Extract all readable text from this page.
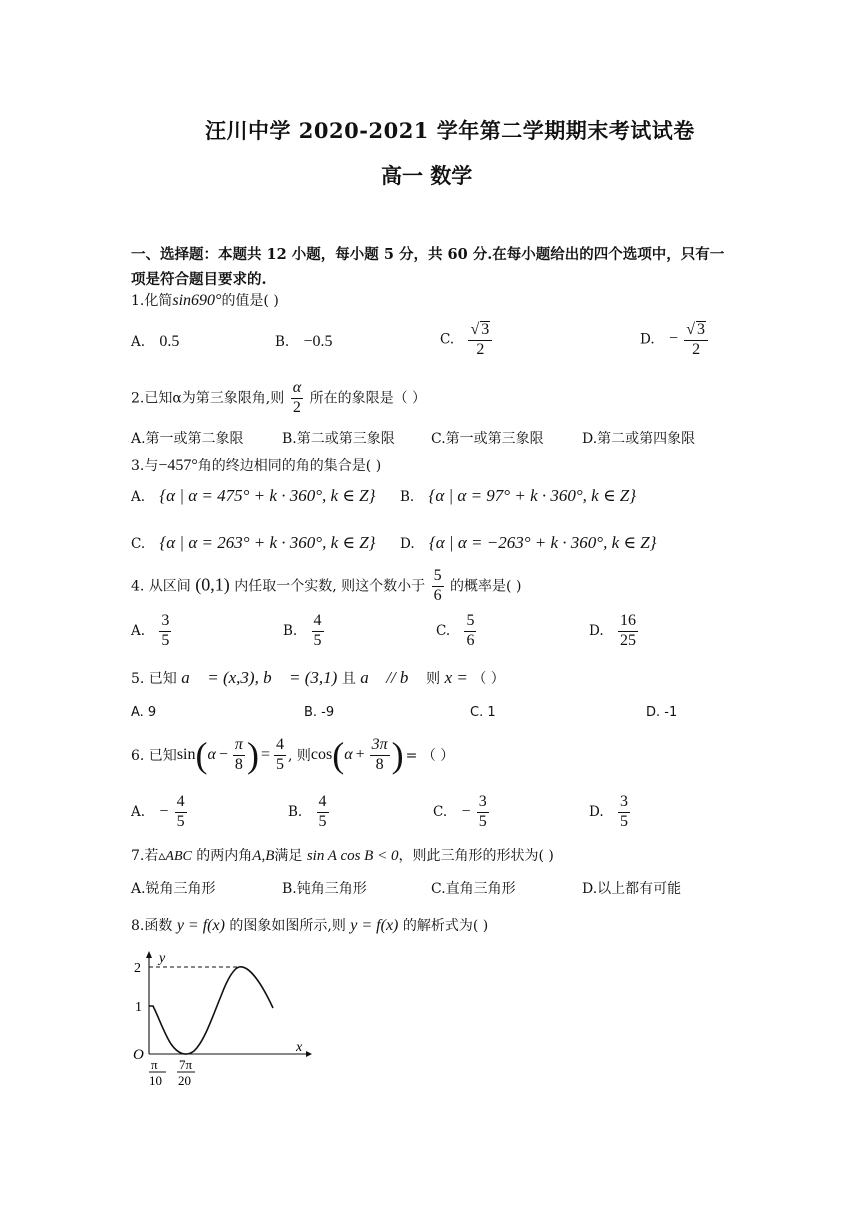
汪川中学 2020-2021 学年第二学期期末考试试卷
高一 数学
一、选择题：本题共 12 小题，每小题 5 分，共 60 分.在每小题给出的四个选项中，只有一
项是符合题目要求的.
1.化简sin690°的值是( )
A. 0.5	B. −0.5	C. $\frac{√ 3}{2}$	D. − $\frac{√ 3}{2}$
2.已知α为第三象限角,则 $\frac{\alpha}{2}$ 所在的象限是（ ）
A.第一或第二象限	B.第二或第三象限	C.第一或第三象限	D.第二或第四象限
3.与−457°角的终边相同的角的集合是( )
A. {α | α = 475° + k · 360°, k ∈ Z} B. {α | α = 97° + k · 360°, k ∈ Z}
C. {α | α = 263° + k · 360°, k ∈ Z} D. {α | α = −263° + k · 360°, k ∈ Z}
4. 从区间 (0,1) 内任取一个实数, 则这个数小于 $\frac{5}{6}$ 的概率是( )
A. $\frac{3}{5}$	B. $\frac{4}{5}$	C. $\frac{5}{6}$	D. $\frac{16}{25}$
5. 已知 a⃗ = (x,3), b⃗ = (3,1) 且 a⃗ // b⃗ 则 x = （ ）
A. 9	B. -9	C. 1	D. -1
6. 已知 sin ( $\alpha - \frac{\pi}{8}$ ) = $\frac{4}{5}$ , 则 cos ( $\alpha + \frac{3\pi}{8}$ ) = （ ）
A. − $\frac{4}{5}$	B. $\frac{4}{5}$	C. − $\frac{3}{5}$	D. $\frac{3}{5}$
7.若▵ABC 的两内角A,B满足 sin A cos B < 0，则此三角形的形状为( )
A.锐角三角形	B.钝角三角形	C.直角三角形	D.以上都有可能
8.函数 y = f(x) 的图象如图所示,则 y = f(x) 的解析式为( )
y
x
2
1
O
π
10
7π
20
